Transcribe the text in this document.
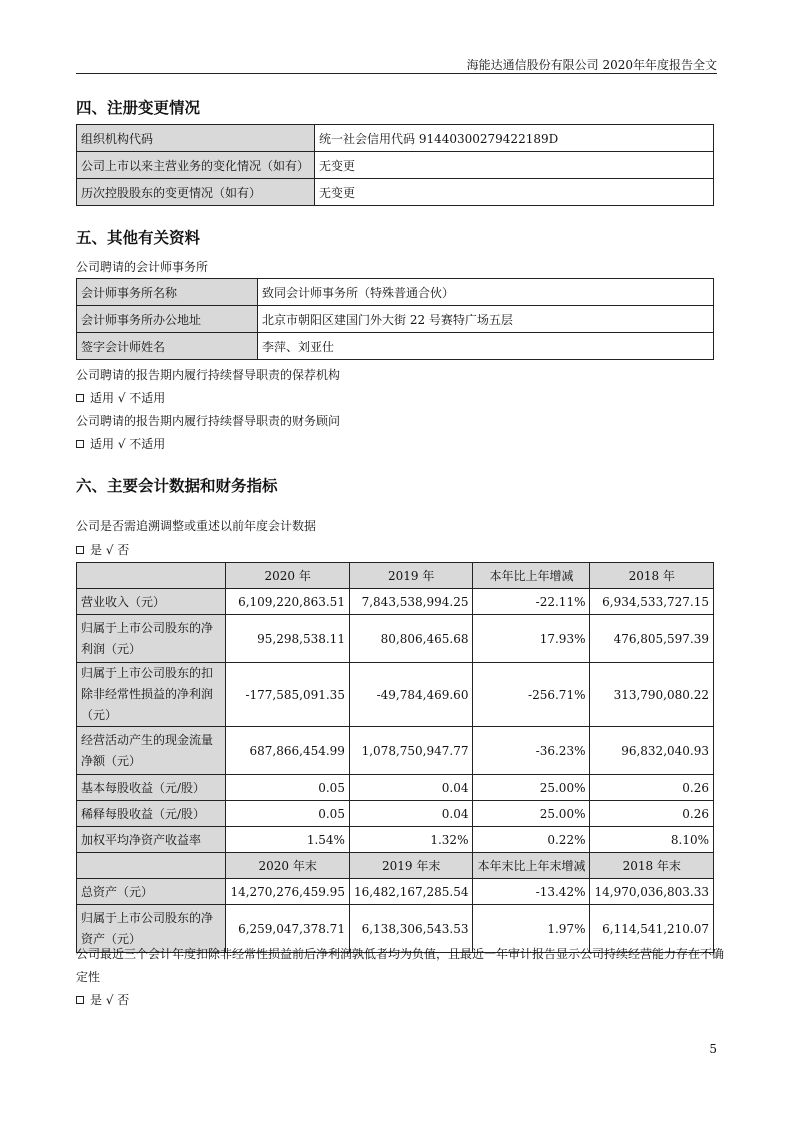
海能达通信股份有限公司 2020年年度报告全文
四、注册变更情况
组织机构代码	统一社会信用代码 91440300279422189D
公司上市以来主营业务的变化情况（如有）	无变更
历次控股股东的变更情况（如有）	无变更
五、其他有关资料
公司聘请的会计师事务所
会计师事务所名称	致同会计师事务所（特殊普通合伙）
会计师事务所办公地址	北京市朝阳区建国门外大街 22 号赛特广场五层
签字会计师姓名	李萍、刘亚仕
公司聘请的报告期内履行持续督导职责的保荐机构
适用 √ 不适用
公司聘请的报告期内履行持续督导职责的财务顾问
适用 √ 不适用
六、主要会计数据和财务指标
公司是否需追溯调整或重述以前年度会计数据
是 √ 否
	2020 年	2019 年	本年比上年增减	2018 年
营业收入（元）	6,109,220,863.51	7,843,538,994.25	-22.11%	6,934,533,727.15
归属于上市公司股东的净利润（元）	95,298,538.11	80,806,465.68	17.93%	476,805,597.39
归属于上市公司股东的扣除非经常性损益的净利润（元）	-177,585,091.35	-49,784,469.60	-256.71%	313,790,080.22
经营活动产生的现金流量净额（元）	687,866,454.99	1,078,750,947.77	-36.23%	96,832,040.93
基本每股收益（元/股）	0.05	0.04	25.00%	0.26
稀释每股收益（元/股）	0.05	0.04	25.00%	0.26
加权平均净资产收益率	1.54%	1.32%	0.22%	8.10%
	2020 年末	2019 年末	本年末比上年末增减	2018 年末
总资产（元）	14,270,276,459.95	16,482,167,285.54	-13.42%	14,970,036,803.33
归属于上市公司股东的净资产（元）	6,259,047,378.71	6,138,306,543.53	1.97%	6,114,541,210.07
公司最近三个会计年度扣除非经常性损益前后净利润孰低者均为负值，且最近一年审计报告显示公司持续经营能力存在不确
定性
是 √ 否
5
